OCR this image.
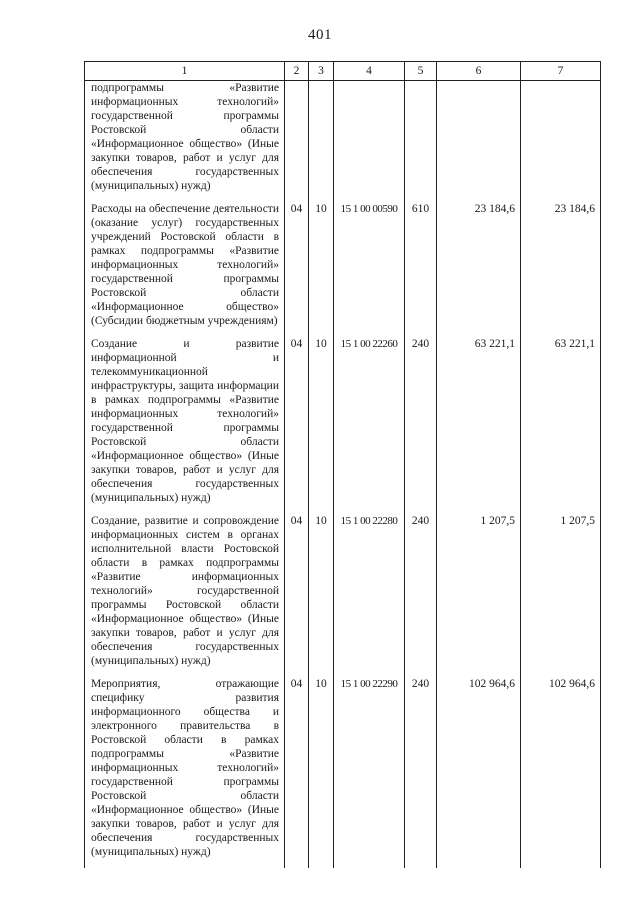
401
1	2	3	4	5	6	7
подпрограммы «Развитие информационных технологий» государственной программы Ростовской области «Информационное общество» (Иные закупки товаров, работ и услуг для обеспечения государственных (муниципальных) нужд)						
Расходы на обеспечение деятельности (оказание услуг) государственных учреждений Ростовской области в рамках подпрограммы «Развитие информационных технологий» государственной программы Ростовской области «Информационное общество» (Субсидии бюджетным учреждениям)	04	10	15 1 00 00590	610	23 184,6	23 184,6
Создание и развитие информационной и телекоммуникационной инфраструктуры, защита информации в рамках подпрограммы «Развитие информационных технологий» государственной программы Ростовской области «Информационное общество» (Иные закупки товаров, работ и услуг для обеспечения государственных (муниципальных) нужд)	04	10	15 1 00 22260	240	63 221,1	63 221,1
Создание, развитие и сопровождение информационных систем в органах исполнительной власти Ростовской области в рамках подпрограммы «Развитие информационных технологий» государственной программы Ростовской области «Информационное общество» (Иные закупки товаров, работ и услуг для обеспечения государственных (муниципальных) нужд)	04	10	15 1 00 22280	240	1 207,5	1 207,5
Мероприятия, отражающие специфику развития информационного общества и электронного правительства в Ростовской области в рамках подпрограммы «Развитие информационных технологий» государственной программы Ростовской области «Информационное общество» (Иные закупки товаров, работ и услуг для обеспечения государственных (муниципальных) нужд)	04	10	15 1 00 22290	240	102 964,6	102 964,6
